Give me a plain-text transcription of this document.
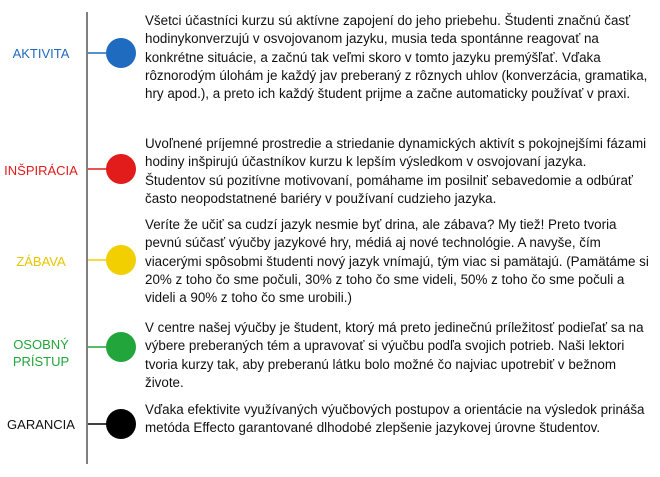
AKTIVITA
Všetci účastníci kurzu sú aktívne zapojení do jeho priebehu. Študenti značnú časť hodinykonverzujú v osvojovanom jazyku, musia teda spontánne reagovať na konkrétne situácie, a začnú tak veľmi skoro v tomto jazyku premýšľať. Vďaka rôznorodým úlohám je každý jav preberaný z rôznych uhlov (konverzácia, gramatika, hry apod.), a preto ich každý študent prijme a začne automaticky používať v praxi.
INŠPIRÁCIA
Uvoľnené príjemné prostredie a striedanie dynamických aktivít s pokojnejšími fázami hodiny inšpirujú účastníkov kurzu k lepším výsledkom v osvojovaní jazyka. Študentov sú pozitívne motivovaní, pomáhame im posilniť sebavedomie a odbúrať často neopodstatnené bariéry v používaní cudzieho jazyka.
ZÁBAVA
Veríte že učiť sa cudzí jazyk nesmie byť drina, ale zábava? My tiež! Preto tvoria pevnú súčasť výučby jazykové hry, médiá aj nové technológie. A navyše, čím viacerými spôsobmi študenti nový jazyk vnímajú, tým viac si pamätajú. (Pamätáme si 20% z toho čo sme počuli, 30% z toho čo sme videli, 50% z toho čo sme počuli a videli a 90% z toho čo sme urobili.)
OSOBNÝ PRÍSTUP
V centre našej výučby je študent, ktorý má preto jedinečnú príležitosť podieľať sa na výbere preberaných tém a upravovať si výučbu podľa svojich potrieb. Naši lektori tvoria kurzy tak, aby preberanú látku bolo možné čo najviac upotrebiť v bežnom živote.
GARANCIA
Vďaka efektivite využívaných výučbových postupov a orientácie na výsledok prináša metóda Effecto garantované dlhodobé zlepšenie jazykovej úrovne študentov.
